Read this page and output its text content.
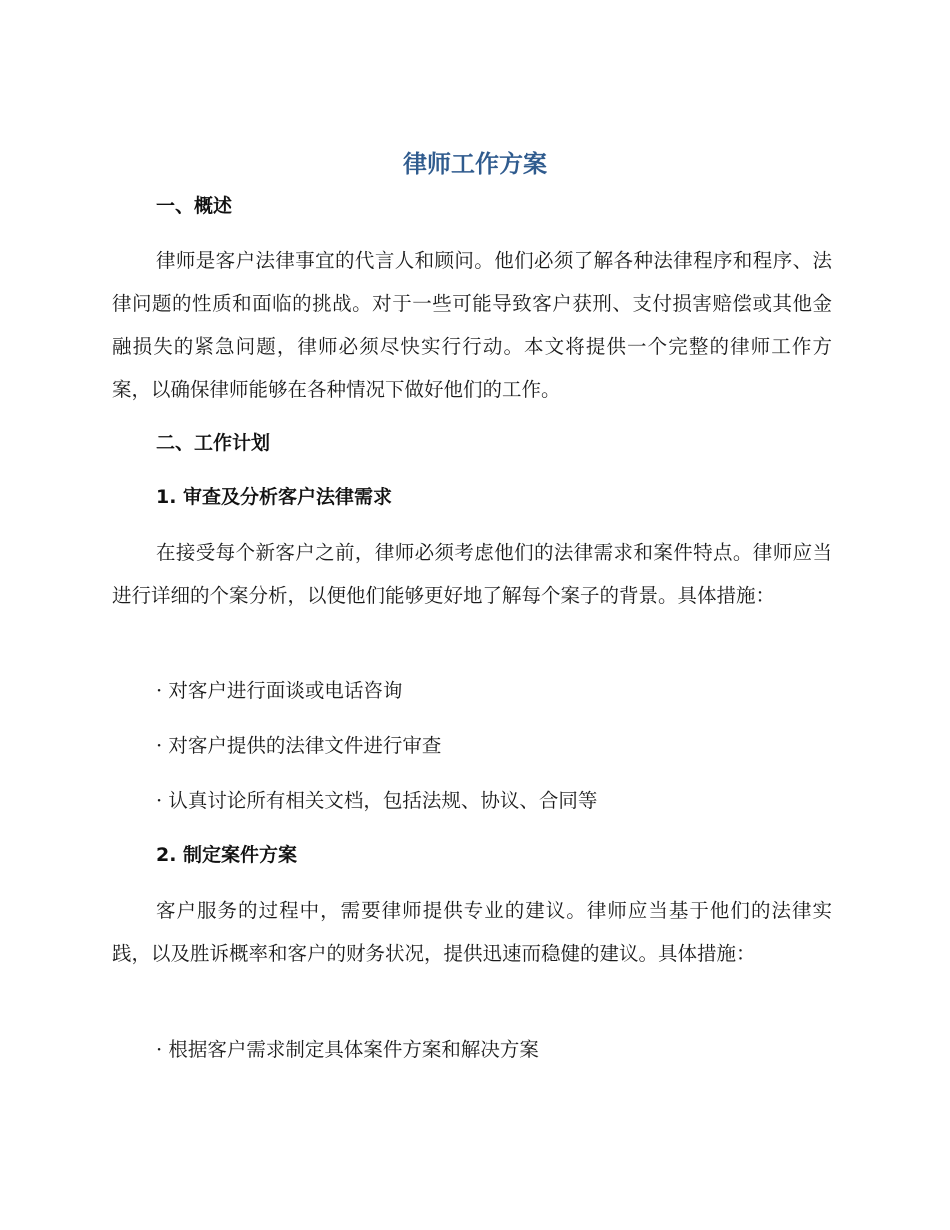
律师工作方案
一、概述

律师是客户法律事宜的代言人和顾问。他们必须了解各种法律程序和程序、法律问题的性质和面临的挑战。对于一些可能导致客户获刑、支付损害赔偿或其他金融损失的紧急问题，律师必须尽快实行行动。本文将提供一个完整的律师工作方案，以确保律师能够在各种情况下做好他们的工作。

二、工作计划
1. 审查及分析客户法律需求

在接受每个新客户之前，律师必须考虑他们的法律需求和案件特点。律师应当进行详细的个案分析，以便他们能够更好地了解每个案子的背景。具体措施：

· 对客户进行面谈或电话咨询
· 对客户提供的法律文件进行审查
· 认真讨论所有相关文档，包括法规、协议、合同等
2. 制定案件方案

客户服务的过程中，需要律师提供专业的建议。律师应当基于他们的法律实践，以及胜诉概率和客户的财务状况，提供迅速而稳健的建议。具体措施：

· 根据客户需求制定具体案件方案和解决方案
